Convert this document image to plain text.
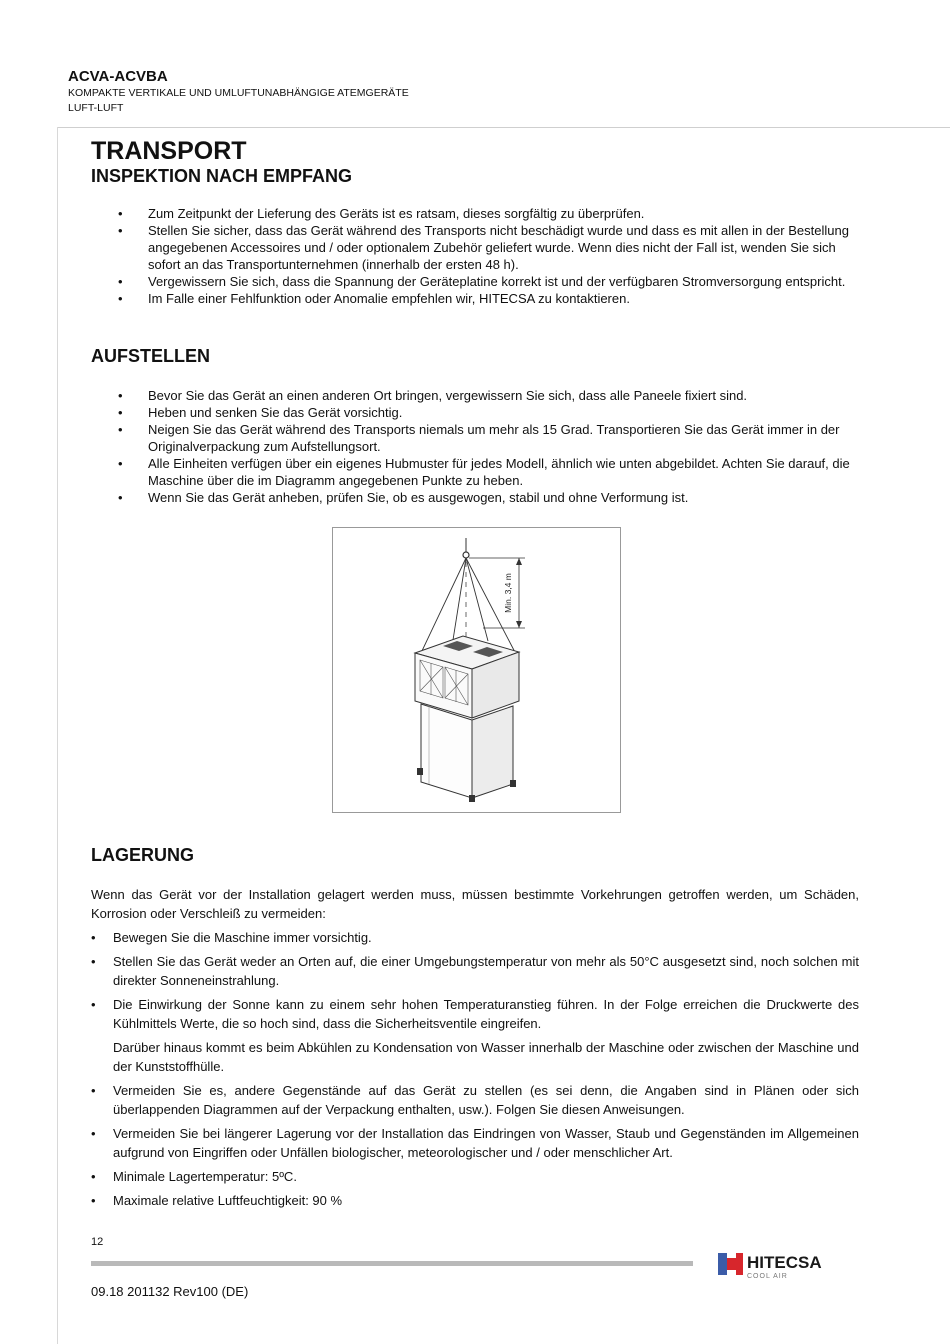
ACVA-ACVBA
KOMPAKTE VERTIKALE UND UMLUFTUNABHÄNGIGE ATEMGERÄTE
LUFT-LUFT
TRANSPORT
INSPEKTION NACH EMPFANG
• Zum Zeitpunkt der Lieferung des Geräts ist es ratsam, dieses sorgfältig zu überprüfen.
• Stellen Sie sicher, dass das Gerät während des Transports nicht beschädigt wurde und dass es mit allen in der Bestellung angegebenen Accessoires und / oder optionalem Zubehör geliefert wurde. Wenn dies nicht der Fall ist, wenden Sie sich sofort an das Transportunternehmen (innerhalb der ersten 48 h).
• Vergewissern Sie sich, dass die Spannung der Geräteplatine korrekt ist und der verfügbaren Stromversorgung entspricht.
• Im Falle einer Fehlfunktion oder Anomalie empfehlen wir, HITECSA zu kontaktieren.
AUFSTELLEN
• Bevor Sie das Gerät an einen anderen Ort bringen, vergewissern Sie sich, dass alle Paneele fixiert sind.
• Heben und senken Sie das Gerät vorsichtig.
• Neigen Sie das Gerät während des Transports niemals um mehr als 15 Grad. Transportieren Sie das Gerät immer in der Originalverpackung zum Aufstellungsort.
• Alle Einheiten verfügen über ein eigenes Hubmuster für jedes Modell, ähnlich wie unten abgebildet. Achten Sie darauf, die Maschine über die im Diagramm angegebenen Punkte zu heben.
• Wenn Sie das Gerät anheben, prüfen Sie, ob es ausgewogen, stabil und ohne Verformung ist.
Min. 3,4 m
LAGERUNG

Wenn das Gerät vor der Installation gelagert werden muss, müssen bestimmte Vorkehrungen getroffen werden, um Schäden, Korrosion oder Verschleiß zu vermeiden:

• Bewegen Sie die Maschine immer vorsichtig.
• Stellen Sie das Gerät weder an Orten auf, die einer Umgebungstemperatur von mehr als 50°C ausgesetzt sind, noch solchen mit direkter Sonneneinstrahlung.
• Die Einwirkung der Sonne kann zu einem sehr hohen Temperaturanstieg führen. In der Folge erreichen die Druckwerte des Kühlmittels Werte, die so hoch sind, dass die Sicherheitsventile eingreifen.
Darüber hinaus kommt es beim Abkühlen zu Kondensation von Wasser innerhalb der Maschine oder zwischen der Maschine und der Kunststoffhülle.
• Vermeiden Sie es, andere Gegenstände auf das Gerät zu stellen (es sei denn, die Angaben sind in Plänen oder sich überlappenden Diagrammen auf der Verpackung enthalten, usw.). Folgen Sie diesen Anweisungen.
• Vermeiden Sie bei längerer Lagerung vor der Installation das Eindringen von Wasser, Staub und Gegenständen im Allgemeinen aufgrund von Eingriffen oder Unfällen biologischer, meteorologischer und / oder menschlicher Art.
• Minimale Lagertemperatur: 5ºC.
• Maximale relative Luftfeuchtigkeit: 90 %
12
09.18 201132 Rev100 (DE)
HITECSA
COOL AIR
